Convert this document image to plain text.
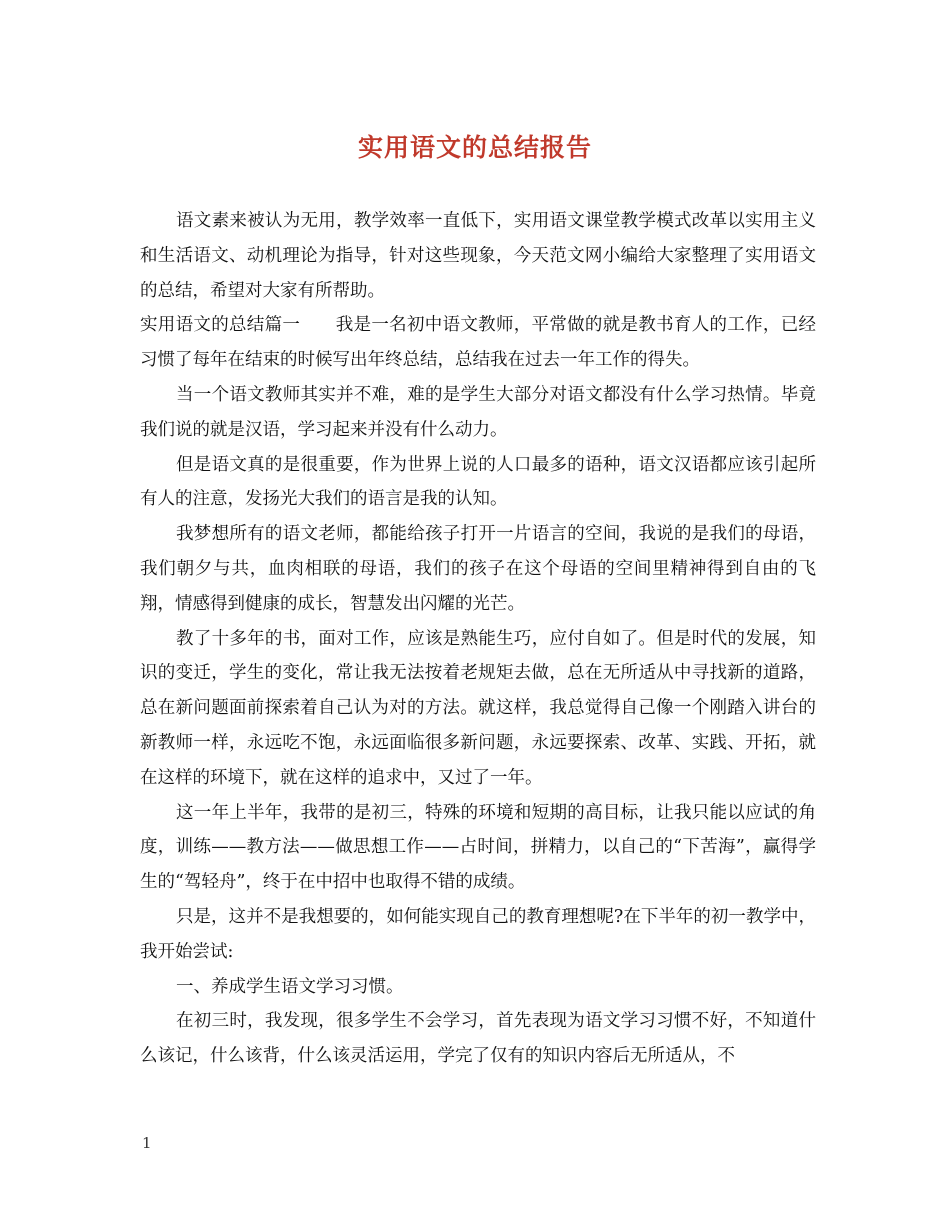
实用语文的总结报告

语文素来被认为无用，教学效率一直低下，实用语文课堂教学模式改革以实用主义和生活语文、动机理论为指导，针对这些现象，今天范文网小编给大家整理了实用语文的总结，希望对大家有所帮助。

实用语文的总结篇一　　我是一名初中语文教师，平常做的就是教书育人的工作，已经习惯了每年在结束的时候写出年终总结，总结我在过去一年工作的得失。

当一个语文教师其实并不难，难的是学生大部分对语文都没有什么学习热情。毕竟我们说的就是汉语，学习起来并没有什么动力。

但是语文真的是很重要，作为世界上说的人口最多的语种，语文汉语都应该引起所有人的注意，发扬光大我们的语言是我的认知。

我梦想所有的语文老师，都能给孩子打开一片语言的空间，我说的是我们的母语，我们朝夕与共，血肉相联的母语，我们的孩子在这个母语的空间里精神得到自由的飞翔，情感得到健康的成长，智慧发出闪耀的光芒。

教了十多年的书，面对工作，应该是熟能生巧，应付自如了。但是时代的发展，知识的变迁，学生的变化，常让我无法按着老规矩去做，总在无所适从中寻找新的道路，总在新问题面前探索着自己认为对的方法。就这样，我总觉得自己像一个刚踏入讲台的新教师一样，永远吃不饱，永远面临很多新问题，永远要探索、改革、实践、开拓，就在这样的环境下，就在这样的追求中，又过了一年。

这一年上半年，我带的是初三，特殊的环境和短期的高目标，让我只能以应试的角度，训练——教方法——做思想工作——占时间，拼精力，以自己的“下苦海”，赢得学生的“驾轻舟”，终于在中招中也取得不错的成绩。

只是，这并不是我想要的，如何能实现自己的教育理想呢?在下半年的初一教学中，我开始尝试:

一、养成学生语文学习习惯。

在初三时，我发现，很多学生不会学习，首先表现为语文学习习惯不好，不知道什么该记，什么该背，什么该灵活运用，学完了仅有的知识内容后无所适从，不

1
